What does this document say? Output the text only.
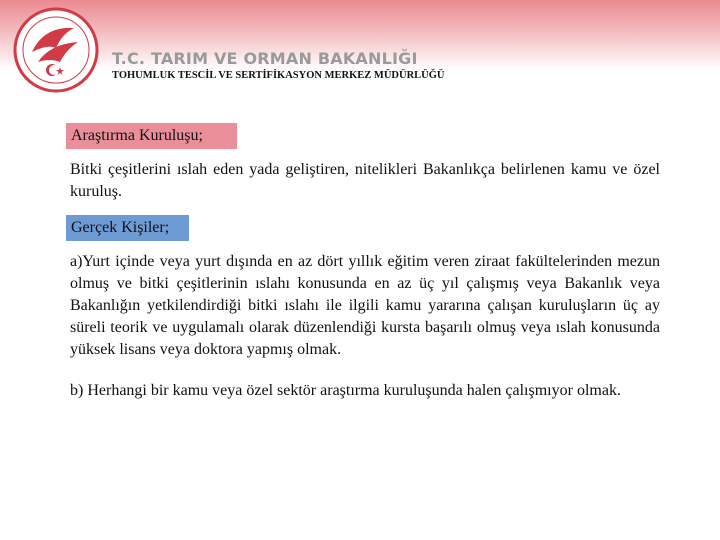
T.C. TARIM VE ORMAN BAKANLIĞI
TOHUMLUK TESCİL VE SERTİFİKASYON MERKEZ MÜDÜRLÜĞÜ
Araştırma Kuruluşu;

Bitki çeşitlerini ıslah eden yada geliştiren, nitelikleri Bakanlıkça belirlenen kamu ve özel kuruluş.

Gerçek Kişiler;

a)Yurt içinde veya yurt dışında en az dört yıllık eğitim veren ziraat fakültelerinden mezun olmuş ve bitki çeşitlerinin ıslahı konusunda en az üç yıl çalışmış veya Bakanlık veya Bakanlığın yetkilendirdiği bitki ıslahı ile ilgili kamu yararına çalışan kuruluşların üç ay süreli teorik ve uygulamalı olarak düzenlendiği kursta başarılı olmuş veya ıslah konusunda yüksek lisans veya doktora yapmış olmak.

b) Herhangi bir kamu veya özel sektör araştırma kuruluşunda halen çalışmıyor olmak.
